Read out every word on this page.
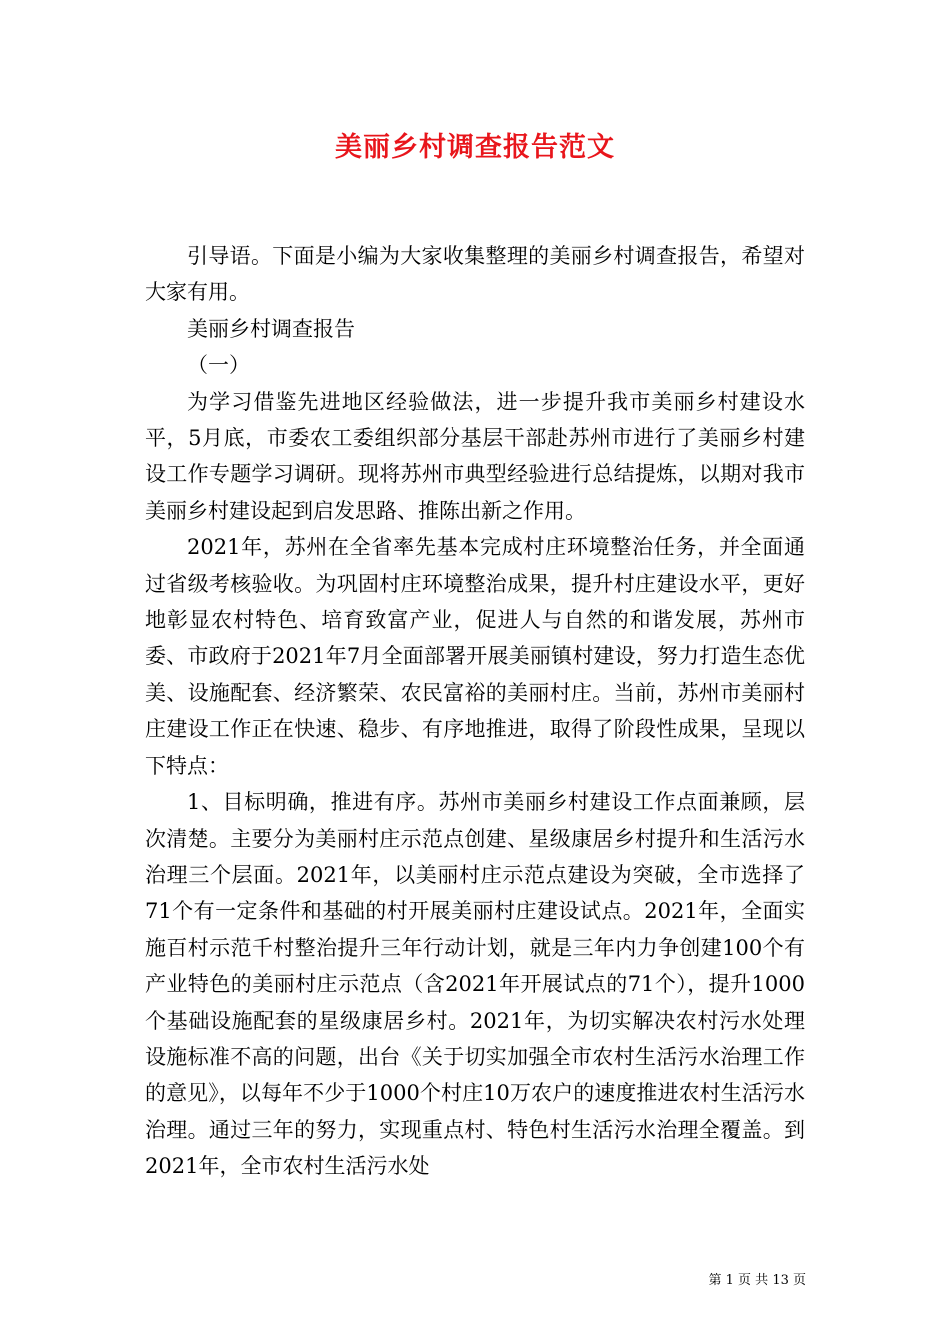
美丽乡村调查报告范文

引导语。下面是小编为大家收集整理的美丽乡村调查报告，希望对大家有用。

美丽乡村调查报告

（一）

为学习借鉴先进地区经验做法，进一步提升我市美丽乡村建设水平，5月底，市委农工委组织部分基层干部赴苏州市进行了美丽乡村建设工作专题学习调研。现将苏州市典型经验进行总结提炼，以期对我市美丽乡村建设起到启发思路、推陈出新之作用。

2021年，苏州在全省率先基本完成村庄环境整治任务，并全面通过省级考核验收。为巩固村庄环境整治成果，提升村庄建设水平，更好地彰显农村特色、培育致富产业，促进人与自然的和谐发展，苏州市委、市政府于2021年7月全面部署开展美丽镇村建设，努力打造生态优美、设施配套、经济繁荣、农民富裕的美丽村庄。当前，苏州市美丽村庄建设工作正在快速、稳步、有序地推进，取得了阶段性成果，呈现以下特点：

1、目标明确，推进有序。苏州市美丽乡村建设工作点面兼顾，层次清楚。主要分为美丽村庄示范点创建、星级康居乡村提升和生活污水治理三个层面。2021年，以美丽村庄示范点建设为突破，全市选择了71个有一定条件和基础的村开展美丽村庄建设试点。2021年，全面实施百村示范千村整治提升三年行动计划，就是三年内力争创建100个有产业特色的美丽村庄示范点（含2021年开展试点的71个），提升1000个基础设施配套的星级康居乡村。2021年，为切实解决农村污水处理设施标准不高的问题，出台《关于切实加强全市农村生活污水治理工作的意见》，以每年不少于1000个村庄10万农户的速度推进农村生活污水治理。通过三年的努力，实现重点村、特色村生活污水治理全覆盖。到2021年，全市农村生活污水处

第 1 页 共 13 页
